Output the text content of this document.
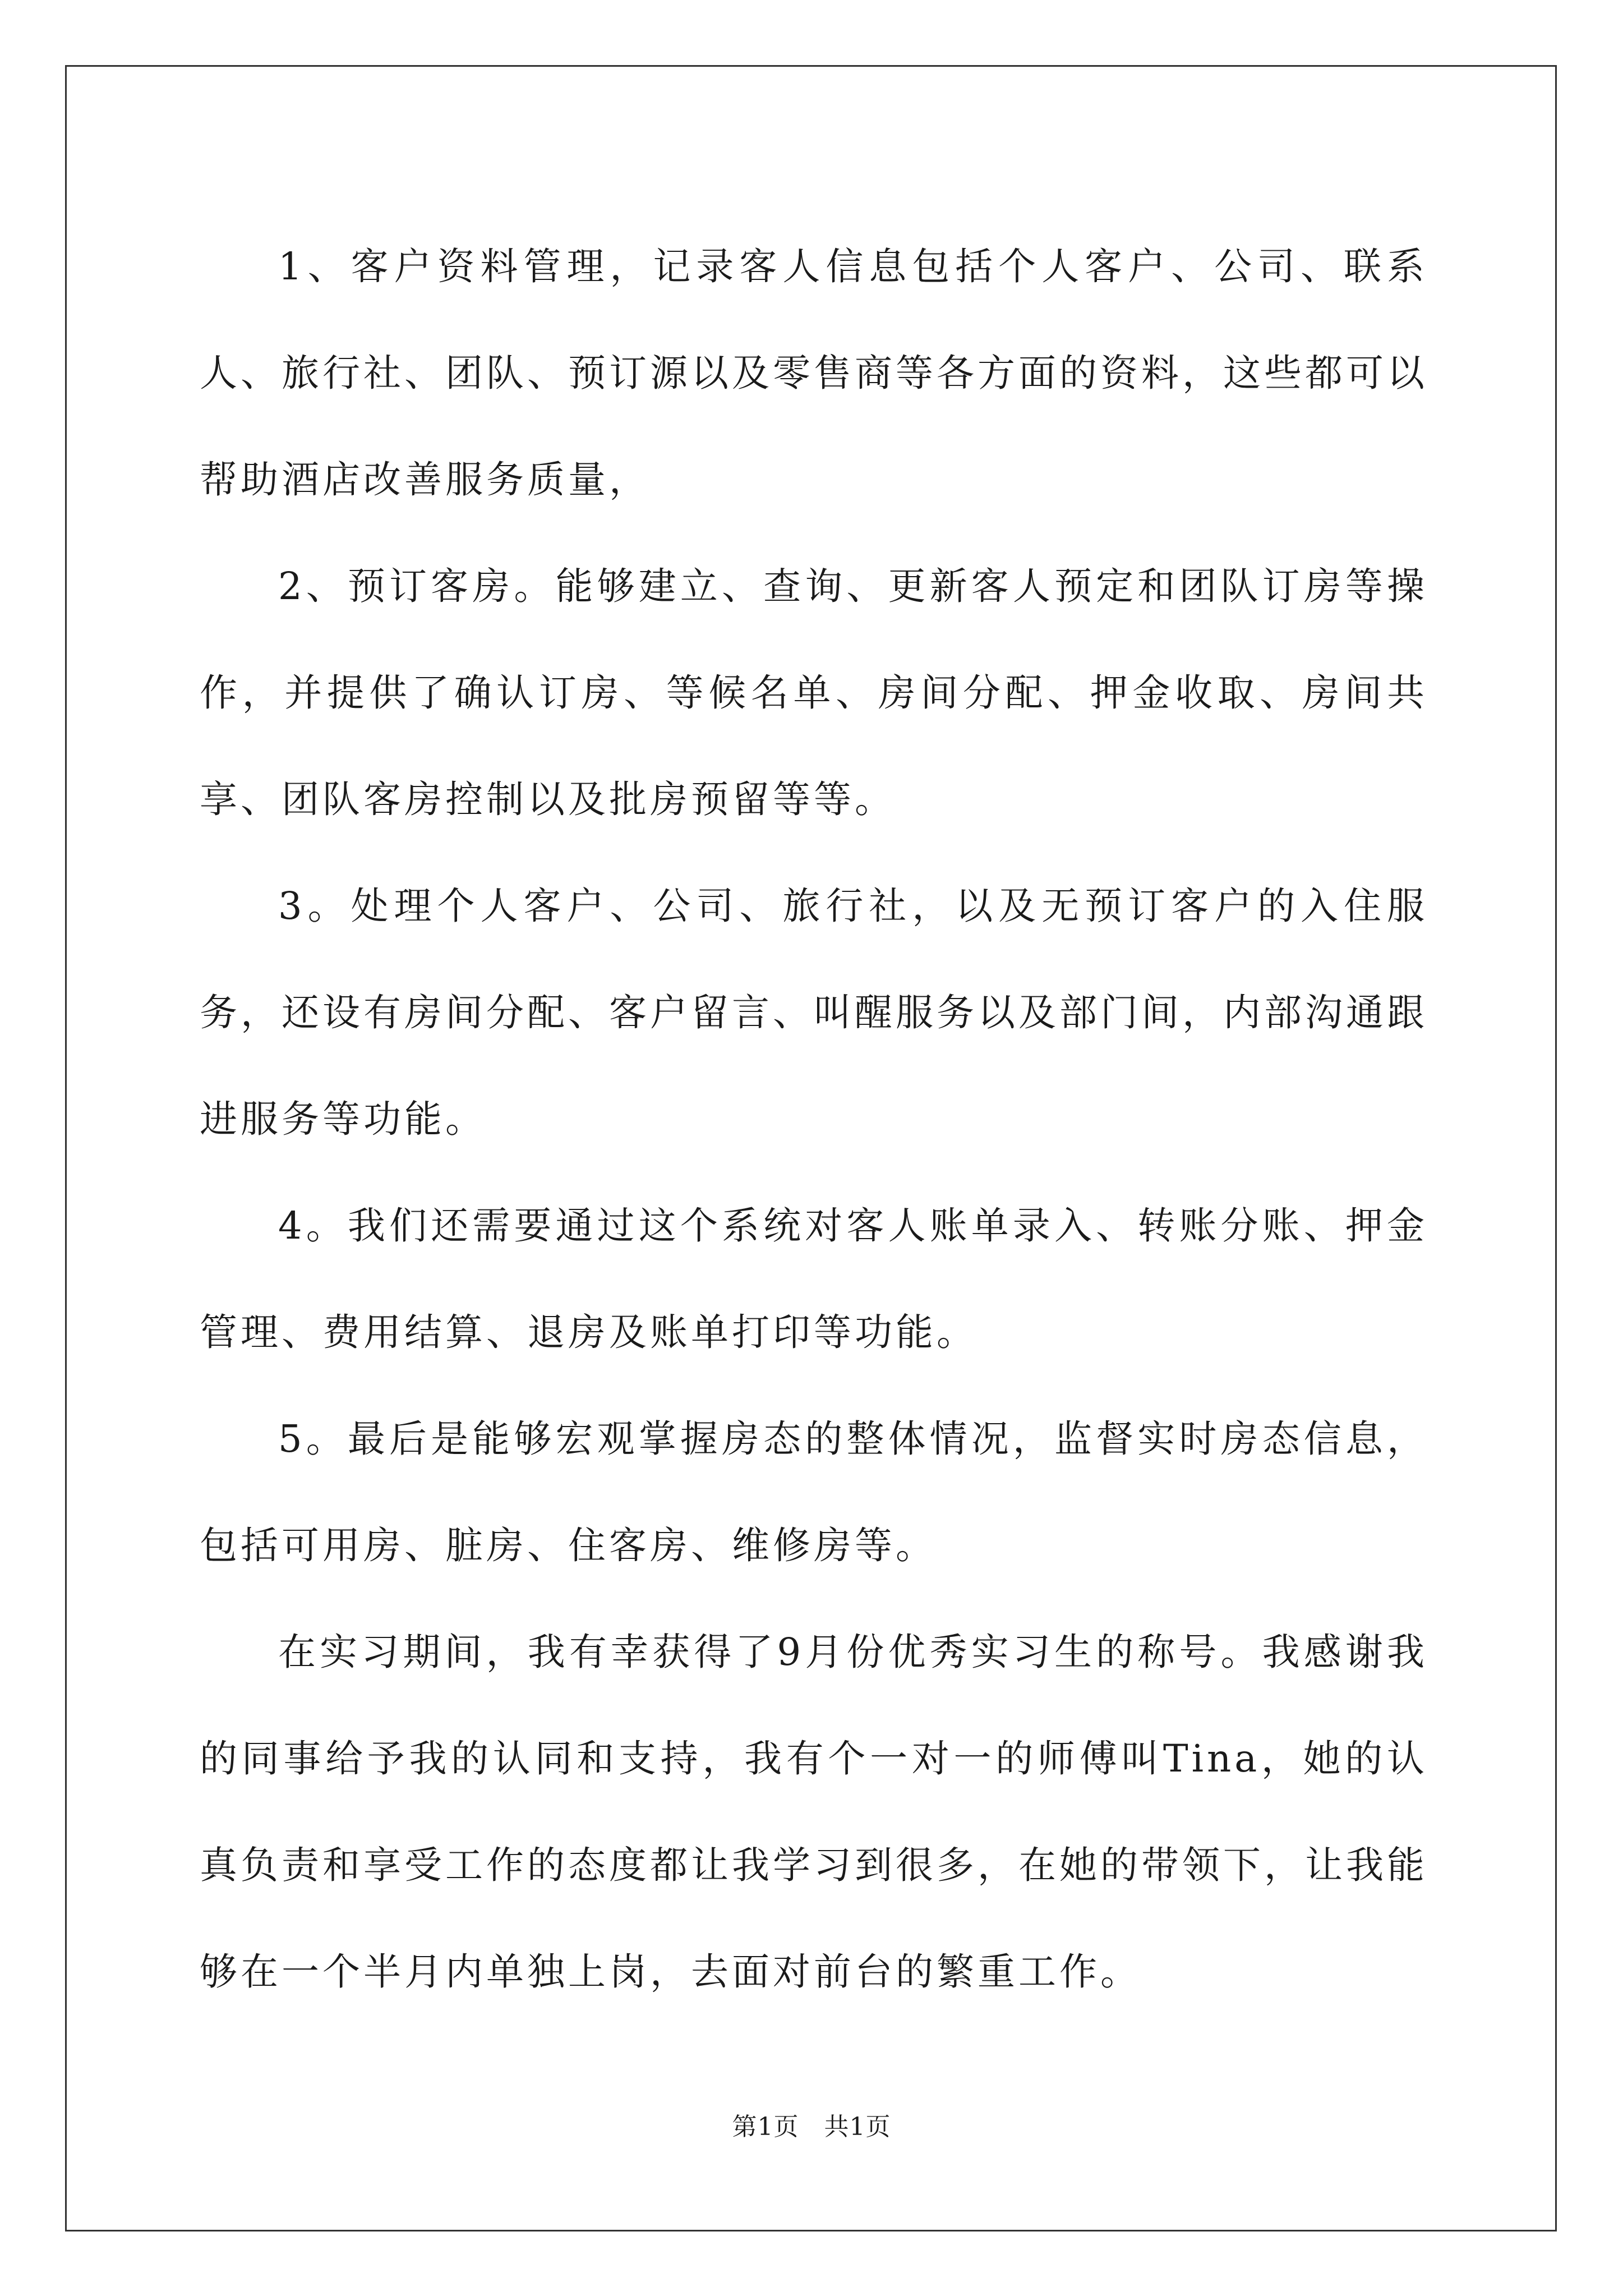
1、客户资料管理，记录客人信息包括个人客户、公司、联系人、旅行社、团队、预订源以及零售商等各方面的资料，这些都可以帮助酒店改善服务质量，

2、预订客房。能够建立、查询、更新客人预定和团队订房等操作，并提供了确认订房、等候名单、房间分配、押金收取、房间共享、团队客房控制以及批房预留等等。

3。处理个人客户、公司、旅行社，以及无预订客户的入住服务，还设有房间分配、客户留言、叫醒服务以及部门间，内部沟通跟进服务等功能。

4。我们还需要通过这个系统对客人账单录入、转账分账、押金管理、费用结算、退房及账单打印等功能。

5。最后是能够宏观掌握房态的整体情况，监督实时房态信息，包括可用房、脏房、住客房、维修房等。

在实习期间，我有幸获得了9月份优秀实习生的称号。我感谢我的同事给予我的认同和支持，我有个一对一的师傅叫Tina，她的认真负责和享受工作的态度都让我学习到很多，在她的带领下，让我能够在一个半月内单独上岗，去面对前台的繁重工作。

第1页 共1页
